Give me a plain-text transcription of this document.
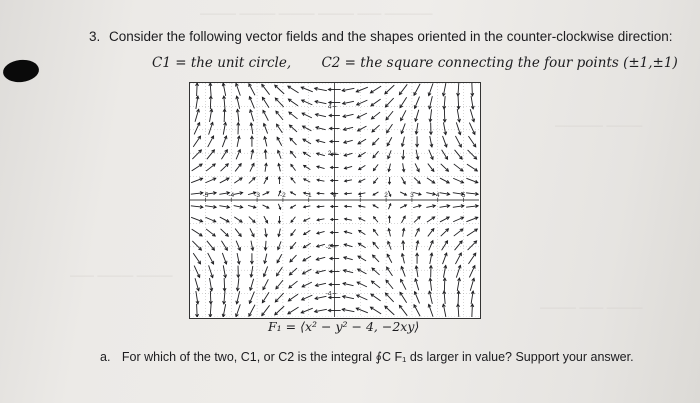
———— —— ——— ——— ——— ———
——— ————
——— ——— ——
——— —— ———
3. Consider the following vector fields and the shapes oriented in the counter-clockwise direction:
C1 = the unit circle, C2 = the square connecting the four points (±1,±1)
-5	-4	-3	-2	-1	0	1	2	3	4	5
4
2
-2
-4
F₁ = ⟨x² − y² − 4, −2xy⟩
a. For which of the two, C1, or C2 is the integral ∮C F₁ ds larger in value? Support your answer.
